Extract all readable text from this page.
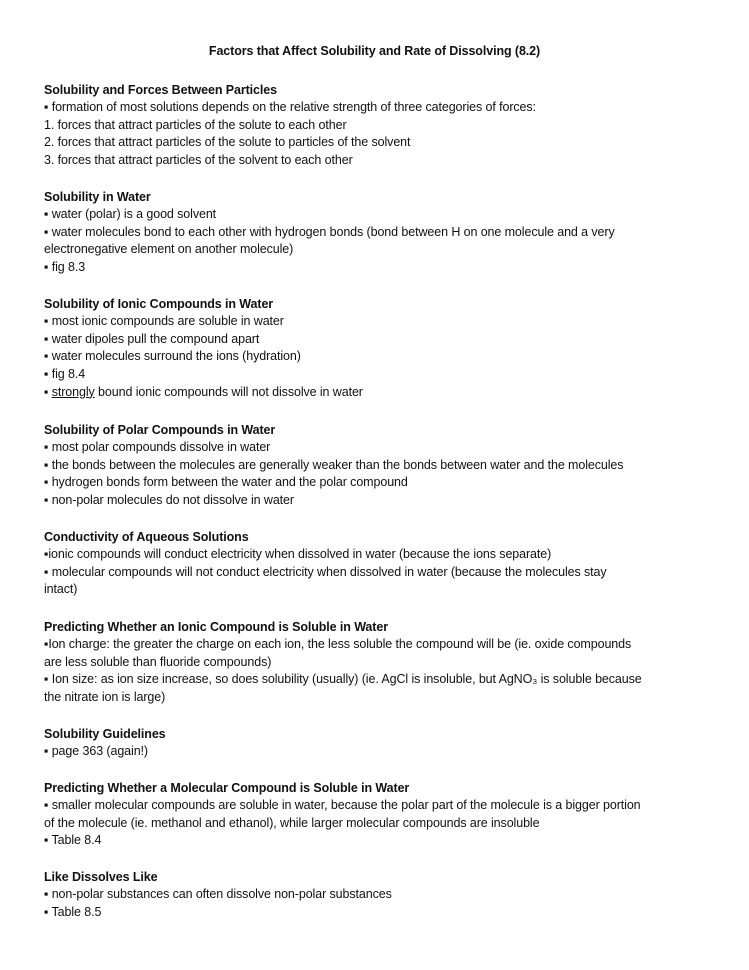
Factors that Affect Solubility and Rate of Dissolving (8.2)
Solubility and Forces Between Particles
▪ formation of most solutions depends on the relative strength of three categories of forces:
1. forces that attract particles of the solute to each other
2. forces that attract particles of the solute to particles of the solvent
3. forces that attract particles of the solvent to each other
Solubility in Water
▪ water (polar) is a good solvent
▪ water molecules bond to each other with hydrogen bonds (bond between H on one molecule and a very
electronegative element on another molecule)
▪ fig 8.3
Solubility of Ionic Compounds in Water
▪ most ionic compounds are soluble in water
▪ water dipoles pull the compound apart
▪ water molecules surround the ions (hydration)
▪ fig 8.4
▪ strongly bound ionic compounds will not dissolve in water
Solubility of Polar Compounds in Water
▪ most polar compounds dissolve in water
▪ the bonds between the molecules are generally weaker than the bonds between water and the molecules
▪ hydrogen bonds form between the water and the polar compound
▪ non-polar molecules do not dissolve in water
Conductivity of Aqueous Solutions
▪ionic compounds will conduct electricity when dissolved in water (because the ions separate)
▪ molecular compounds will not conduct electricity when dissolved in water (because the molecules stay
intact)
Predicting Whether an Ionic Compound is Soluble in Water
▪Ion charge: the greater the charge on each ion, the less soluble the compound will be (ie. oxide compounds
are less soluble than fluoride compounds)
▪ Ion size: as ion size increase, so does solubility (usually) (ie. AgCl is insoluble, but AgNO₃ is soluble because
the nitrate ion is large)
Solubility Guidelines
▪ page 363 (again!)
Predicting Whether a Molecular Compound is Soluble in Water
▪ smaller molecular compounds are soluble in water, because the polar part of the molecule is a bigger portion
of the molecule (ie. methanol and ethanol), while larger molecular compounds are insoluble
▪ Table 8.4
Like Dissolves Like
▪ non-polar substances can often dissolve non-polar substances
▪ Table 8.5
